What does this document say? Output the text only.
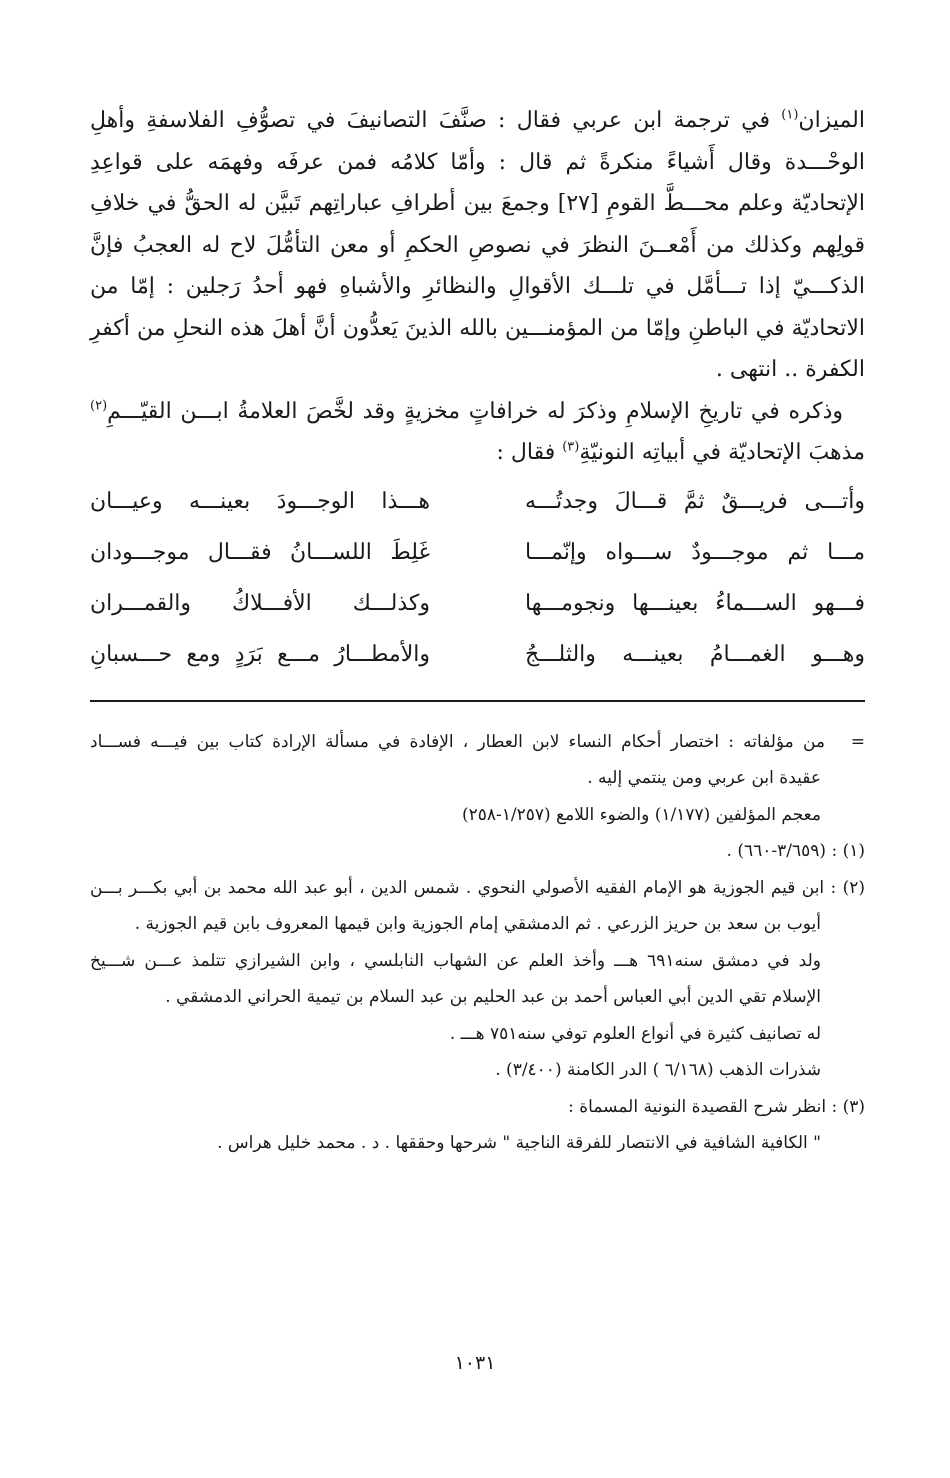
الميزان$^{(١)}$ في ترجمة ابن عربي فقال : صنَّفَ التصانيفَ في تصوُّفِ الفلاسفةِ وأهلِ الوحْـــدة وقال أَشياءً منكرةً ثم قال : وأمّا كلامُه فمن عرفَه وفهمَه على قواعِدِ الإتحاديّة وعلم محـــطَّ القومِ [٢٧] وجمعَ بين أطرافِ عباراتِهم تَبيَّن له الحقُّ في خلافِ قولِهم وكذلك من أَمْعــنَ النظرَ في نصوصِ الحكمِ أو معن التأمُّلَ لاح له العجبُ فإنَّ الذكـــيّ إذا تـــأمَّل في تلـــك الأقوالِ والنظائرِ والأشباهِ فهو أحدُ رَجلين : إمّا من الاتحاديّة في الباطنِ وإمّا من المؤمنـــين بالله الذينَ يَعدُّون أنَّ أهلَ هذه النحلِ من أكفرِ الكفرة .. انتهى .

وذكره في تاريخِ الإسلامِ وذكرَ له خرافاتٍ مخزيةٍ وقد لخَّصَ العلامةُ ابـــن القيّـــمِ$^{(٢)}$ مذهبَ الإتحاديّة في أبياتِه النونيّةِ$^{(٣)}$ فقال :

وأتـــى فريـــقٌ ثمَّ قـــالَ وجدتُـــه
هـــذا الوجـــودَ بعينـــه وعيـــان
مـــا ثم موجـــودٌ ســـواه وإنّمـــا
غَلِطَ اللســـانُ فقـــال موجـــودان
فـــهو الســـماءُ بعينـــها ونجومـــها
وكذلـــك الأفـــلاكُ والقمـــران
وهـــو الغمـــامُ بعينـــه والثلـــجُ
والأمطـــارُ مـــع بَرَدٍ ومع حـــسبانِ

=من مؤلفاته : اختصار أحكام النساء لابن العطار ، الإفادة في مسألة الإرادة كتاب بين فيـــه فســـاد

عقيدة ابن عربي ومن ينتمي إليه .

معجم المؤلفين (١/١٧٧) والضوء اللامع (١/٢٥٧-٢٥٨)

(١) : (٣/٦٥٩-٦٦٠) .

(٢) : ابن قيم الجوزية هو الإمام الفقيه الأصولي النحوي . شمس الدين ، أبو عبد الله محمد بن أبي بكـــر بـــن

أيوب بن سعد بن حريز الزرعي . ثم الدمشقي إمام الجوزية وابن قيمها المعروف بابن قيم الجوزية .

ولد في دمشق سنه٦٩١ هـــ وأخذ العلم عن الشهاب النابلسي ، وابن الشيرازي تتلمذ عـــن شـــيخ

الإسلام تقي الدين أبي العباس أحمد بن عبد الحليم بن عبد السلام بن تيمية الحراني الدمشقي .

له تصانيف كثيرة في أنواع العلوم توفي سنه٧٥١ هـــ .

شذرات الذهب (٦/١٦٨ ) الدر الكامنة (٣/٤٠٠) .

(٣) : انظر شرح القصيدة النونية المسماة :

" الكافية الشافية في الانتصار للفرقة الناجية " شرحها وحققها . د . محمد خليل هراس .

١٠٣١
